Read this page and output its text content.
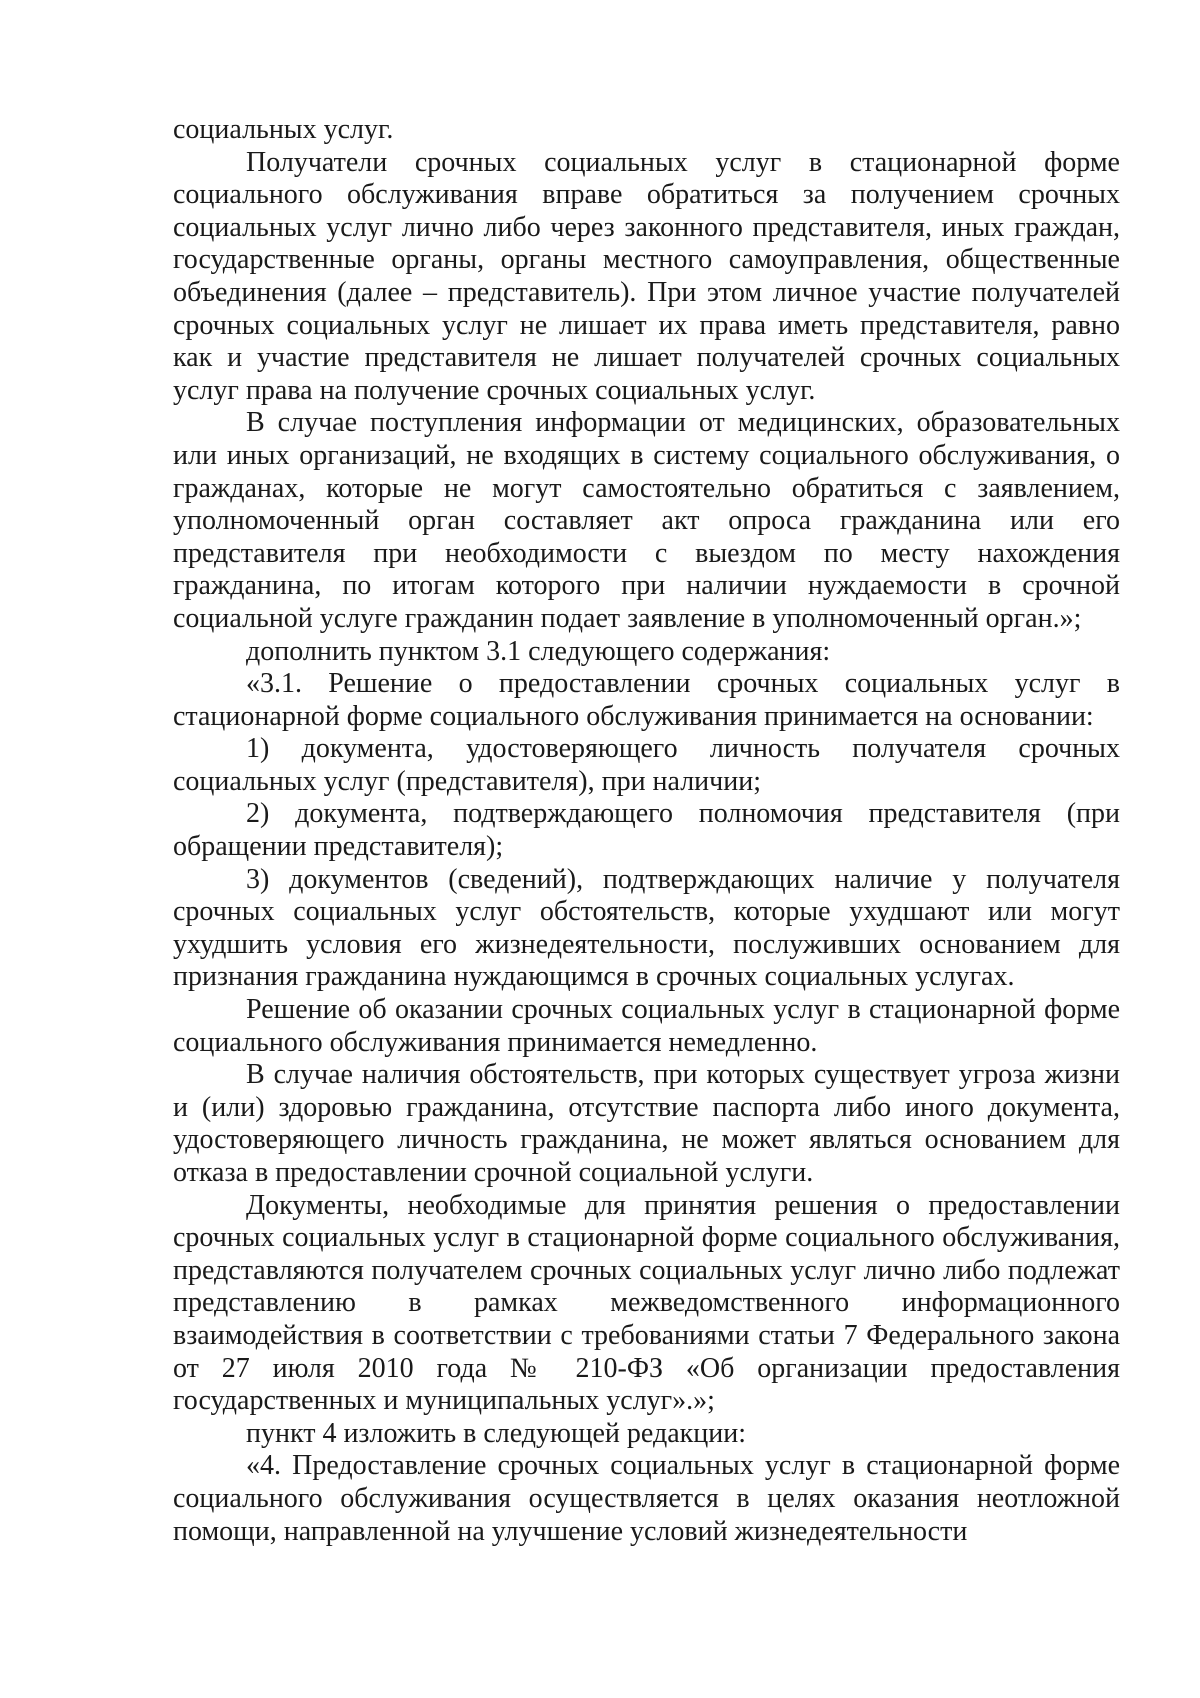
социальных услуг.

Получатели срочных социальных услуг в стационарной форме социального обслуживания вправе обратиться за получением срочных социальных услуг лично либо через законного представителя, иных граждан, государственные органы, органы местного самоуправления, общественные объединения (далее – представитель). При этом личное участие получателей срочных социальных услуг не лишает их права иметь представителя, равно как и участие представителя не лишает получателей срочных социальных услуг права на получение срочных социальных услуг.

В случае поступления информации от медицинских, образовательных или иных организаций, не входящих в систему социального обслуживания, о гражданах, которые не могут самостоятельно обратиться с заявлением, уполномоченный орган составляет акт опроса гражданина или его представителя при необходимости с выездом по месту нахождения гражданина, по итогам которого при наличии нуждаемости в срочной социальной услуге гражданин подает заявление в уполномоченный орган.»;

дополнить пунктом 3.1 следующего содержания:

«3.1. Решение о предоставлении срочных социальных услуг в стационарной форме социального обслуживания принимается на основании:

1) документа, удостоверяющего личность получателя срочных социальных услуг (представителя), при наличии;

2) документа, подтверждающего полномочия представителя (при обращении представителя);

3) документов (сведений), подтверждающих наличие у получателя срочных социальных услуг обстоятельств, которые ухудшают или могут ухудшить условия его жизнедеятельности, послуживших основанием для признания гражданина нуждающимся в срочных социальных услугах.

Решение об оказании срочных социальных услуг в стационарной форме социального обслуживания принимается немедленно.

В случае наличия обстоятельств, при которых существует угроза жизни и (или) здоровью гражданина, отсутствие паспорта либо иного документа, удостоверяющего личность гражданина, не может являться основанием для отказа в предоставлении срочной социальной услуги.

Документы, необходимые для принятия решения о предоставлении срочных социальных услуг в стационарной форме социального обслуживания, представляются получателем срочных социальных услуг лично либо подлежат представлению в рамках межведомственного информационного взаимодействия в соответствии с требованиями статьи 7 Федерального закона от 27 июля 2010 года № 210-ФЗ «Об организации предоставления государственных и муниципальных услуг».»;

пункт 4 изложить в следующей редакции:

«4. Предоставление срочных социальных услуг в стационарной форме социального обслуживания осуществляется в целях оказания неотложной помощи, направленной на улучшение условий жизнедеятельности
